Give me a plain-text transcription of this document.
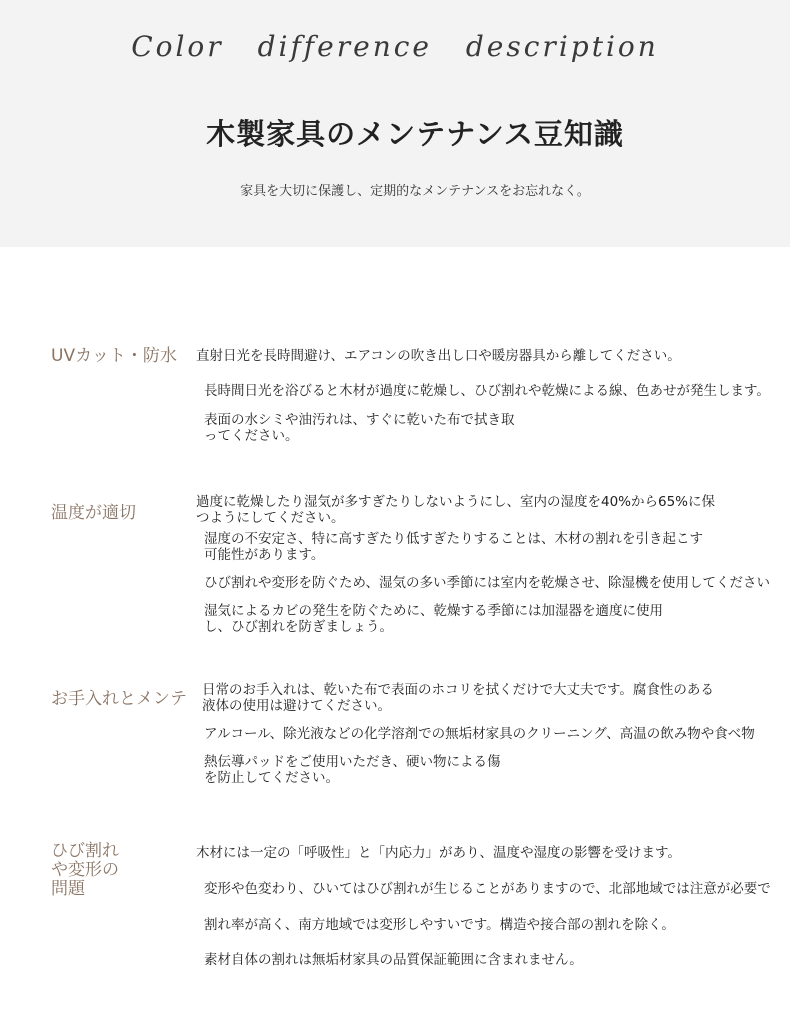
Color difference description
木製家具のメンテナンス豆知識
家具を大切に保護し、定期的なメンテナンスをお忘れなく。
UVカット・防水 直射日光を長時間避け、エアコンの吹き出し口や暖房器具から離してください。
長時間日光を浴びると木材が過度に乾燥し、ひび割れや乾燥による線、色あせが発生します。
表面の水シミや油汚れは、すぐに乾いた布で拭き取
ってください。
温度が適切
過度に乾燥したり湿気が多すぎたりしないようにし、室内の湿度を40%から65%に保
つようにしてください。
湿度の不安定さ、特に高すぎたり低すぎたりすることは、木材の割れを引き起こす
可能性があります。
ひび割れや変形を防ぐため、湿気の多い季節には室内を乾燥させ、除湿機を使用してください
湿気によるカビの発生を防ぐために、乾燥する季節には加湿器を適度に使用
し、ひび割れを防ぎましょう。
お手入れとメンテ 日常のお手入れは、乾いた布で表面のホコリを拭くだけで大丈夫です。腐食性のある
液体の使用は避けてください。
アルコール、除光液などの化学溶剤での無垢材家具のクリーニング、高温の飲み物や食べ物
熱伝導パッドをご使用いただき、硬い物による傷
を防止してください。
ひび割れ
や変形の
問題
木材には一定の「呼吸性」と「内応力」があり、温度や湿度の影響を受けます。
変形や色変わり、ひいてはひび割れが生じることがありますので、北部地域では注意が必要で
割れ率が高く、南方地域では変形しやすいです。構造や接合部の割れを除く。
素材自体の割れは無垢材家具の品質保証範囲に含まれません。
